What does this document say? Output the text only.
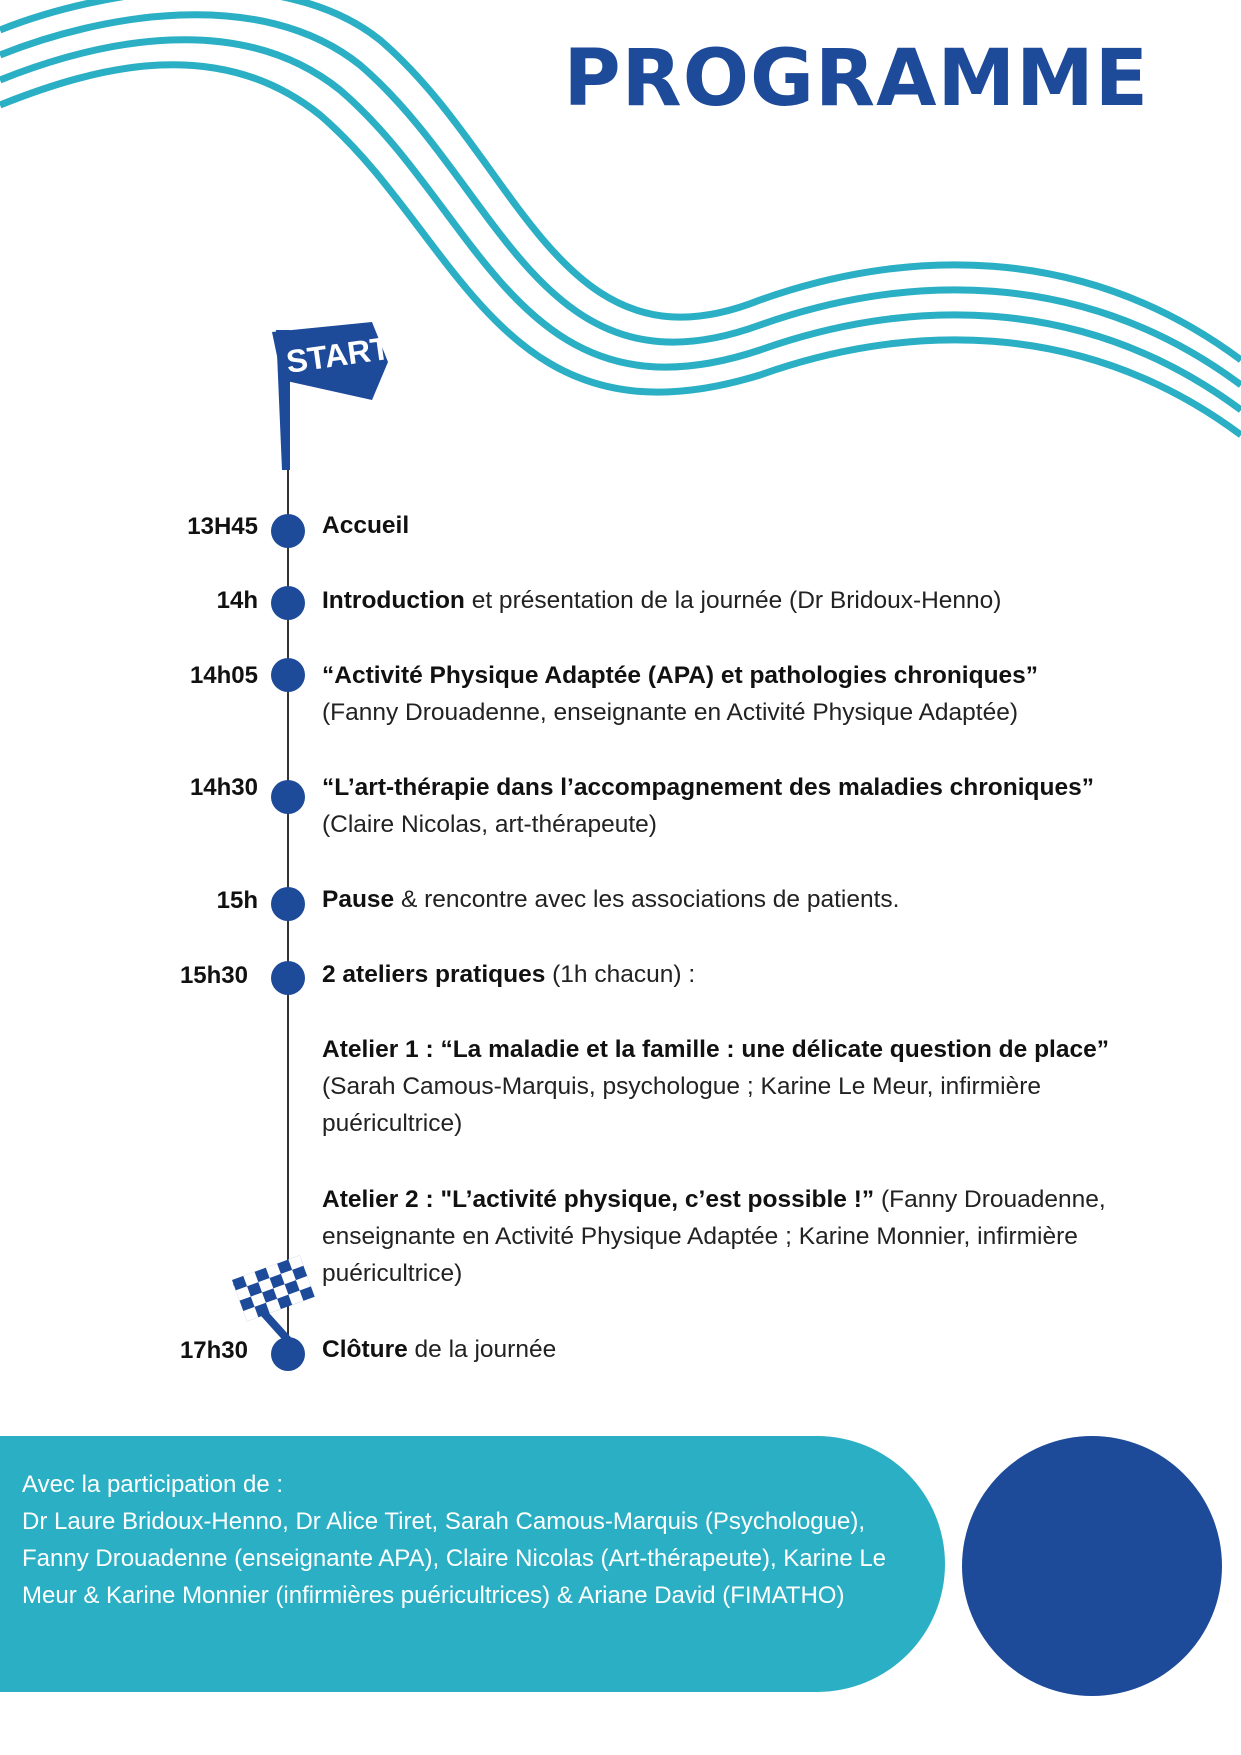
PROGRAMME
START
13H45
14h
14h05
14h30
15h
15h30
17h30
Accueil
Introduction et présentation de la journée (Dr Bridoux-Henno)
“Activité Physique Adaptée (APA) et pathologies chroniques”
(Fanny Drouadenne, enseignante en Activité Physique Adaptée)
“L’art-thérapie dans l’accompagnement des maladies chroniques”
(Claire Nicolas, art-thérapeute)
Pause & rencontre avec les associations de patients.
2 ateliers pratiques (1h chacun) :
Atelier 1 : “La maladie et la famille : une délicate question de place”
(Sarah Camous-Marquis, psychologue ; Karine Le Meur, infirmière puéricultrice)
Atelier 2 : "L’activité physique, c’est possible !” (Fanny Drouadenne, enseignante en Activité Physique Adaptée ; Karine Monnier, infirmière puéricultrice)
Clôture de la journée
Avec la participation de :
Dr Laure Bridoux-Henno, Dr Alice Tiret, Sarah Camous-Marquis (Psychologue), Fanny Drouadenne (enseignante APA), Claire Nicolas (Art-thérapeute), Karine Le Meur & Karine Monnier (infirmières puéricultrices) & Ariane David (FIMATHO)
